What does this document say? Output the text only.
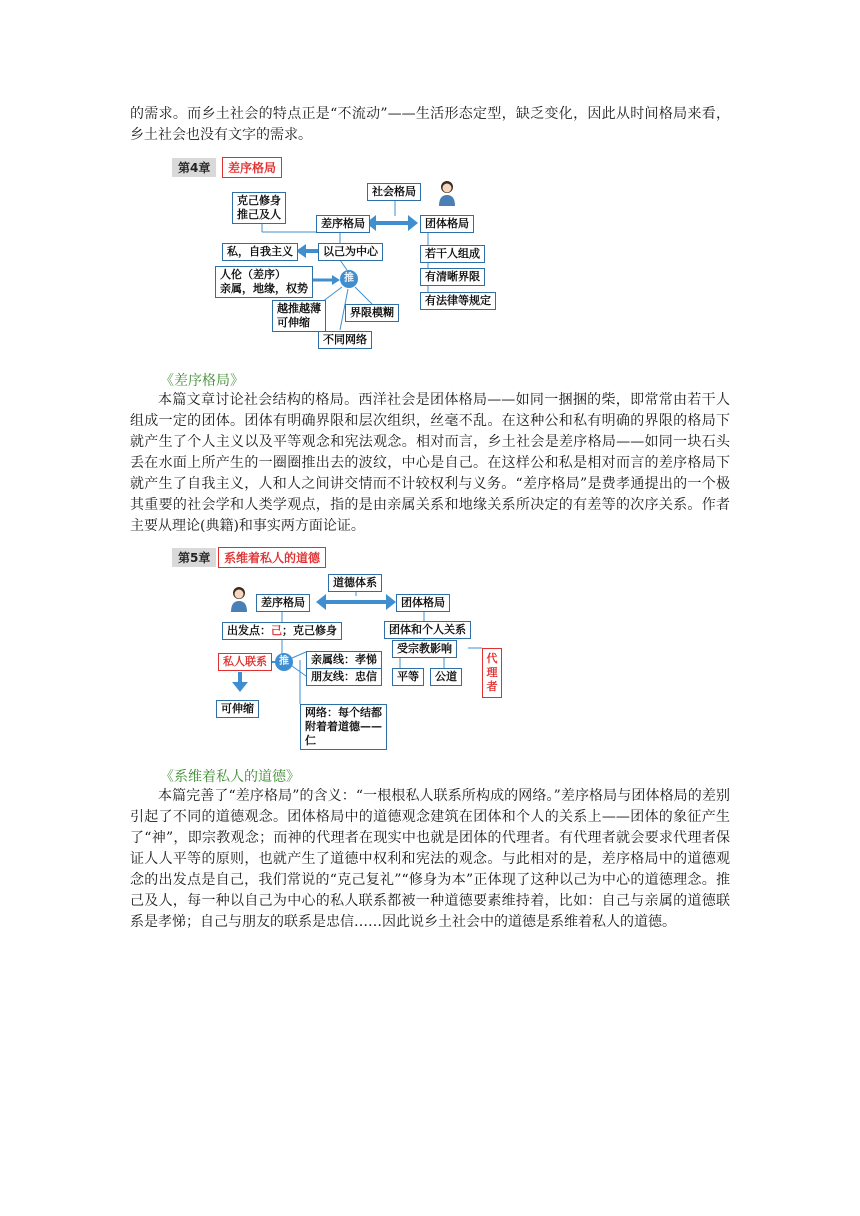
的需求。而乡土社会的特点正是“不流动”——生活形态定型，缺乏变化，因此从时间格局来看，乡土社会也没有文字的需求。

第4章	差序格局
社会格局
克己修身
推己及人
差序格局	团体格局
私，自我主义	以己为中心	若干人组成
人伦（差序）
亲属，地缘，权势
推	有清晰界限
有法律等规定
越推越薄
可伸缩
界限模糊
不同网络

《差序格局》

本篇文章讨论社会结构的格局。西洋社会是团体格局——如同一捆捆的柴，即常常由若干人组成一定的团体。团体有明确界限和层次组织，丝毫不乱。在这种公和私有明确的界限的格局下就产生了个人主义以及平等观念和宪法观念。相对而言，乡土社会是差序格局——如同一块石头丢在水面上所产生的一圈圈推出去的波纹，中心是自己。在这样公和私是相对而言的差序格局下就产生了自我主义，人和人之间讲交情而不计较权利与义务。“差序格局”是费孝通提出的一个极其重要的社会学和人类学观点，指的是由亲属关系和地缘关系所决定的有差等的次序关系。作者主要从理论(典籍)和事实两方面论证。

第5章	系维着私人的道德
道德体系
差序格局	团体格局
出发点：己；克己修身	团体和个人关系
受宗教影响
私人联系	推	亲属线：孝悌
朋友线：忠信
代理者
平等	公道
可伸缩	网络：每个结都
附着着道德——
仁

《系维着私人的道德》

本篇完善了“差序格局”的含义：“一根根私人联系所构成的网络。”差序格局与团体格局的差别引起了不同的道德观念。团体格局中的道德观念建筑在团体和个人的关系上——团体的象征产生了“神”，即宗教观念；而神的代理者在现实中也就是团体的代理者。有代理者就会要求代理者保证人人平等的原则，也就产生了道德中权利和宪法的观念。与此相对的是，差序格局中的道德观念的出发点是自己，我们常说的“克己复礼”“修身为本”正体现了这种以己为中心的道德理念。推己及人，每一种以自己为中心的私人联系都被一种道德要素维持着，比如：自己与亲属的道德联系是孝悌；自己与朋友的联系是忠信……因此说乡土社会中的道德是系维着私人的道德。
